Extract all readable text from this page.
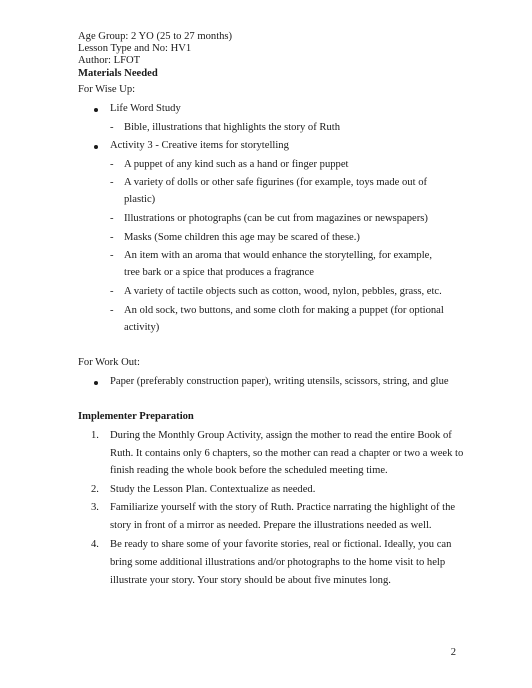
Age Group: 2 YO (25 to 27 months)
Lesson Type and No: HV1
Author: LFOT
Materials Needed
For Wise Up:
Life Word Study
- Bible, illustrations that highlights the story of Ruth
Activity 3 - Creative items for storytelling
- A puppet of any kind such as a hand or finger puppet
- A variety of dolls or other safe figurines (for example, toys made out of
plastic)
- Illustrations or photographs (can be cut from magazines or newspapers)
- Masks (Some children this age may be scared of these.)
- An item with an aroma that would enhance the storytelling, for example,
tree bark or a spice that produces a fragrance
- A variety of tactile objects such as cotton, wood, nylon, pebbles, grass, etc.
- An old sock, two buttons, and some cloth for making a puppet (for optional
activity)
For Work Out:
Paper (preferably construction paper), writing utensils, scissors, string, and glue
Implementer Preparation
1. During the Monthly Group Activity, assign the mother to read the entire Book of
Ruth. It contains only 6 chapters, so the mother can read a chapter or two a week to
finish reading the whole book before the scheduled meeting time.
2. Study the Lesson Plan. Contextualize as needed.
3. Familiarize yourself with the story of Ruth. Practice narrating the highlight of the
story in front of a mirror as needed. Prepare the illustrations needed as well.
4. Be ready to share some of your favorite stories, real or fictional. Ideally, you can
bring some additional illustrations and/or photographs to the home visit to help
illustrate your story. Your story should be about five minutes long.
2
